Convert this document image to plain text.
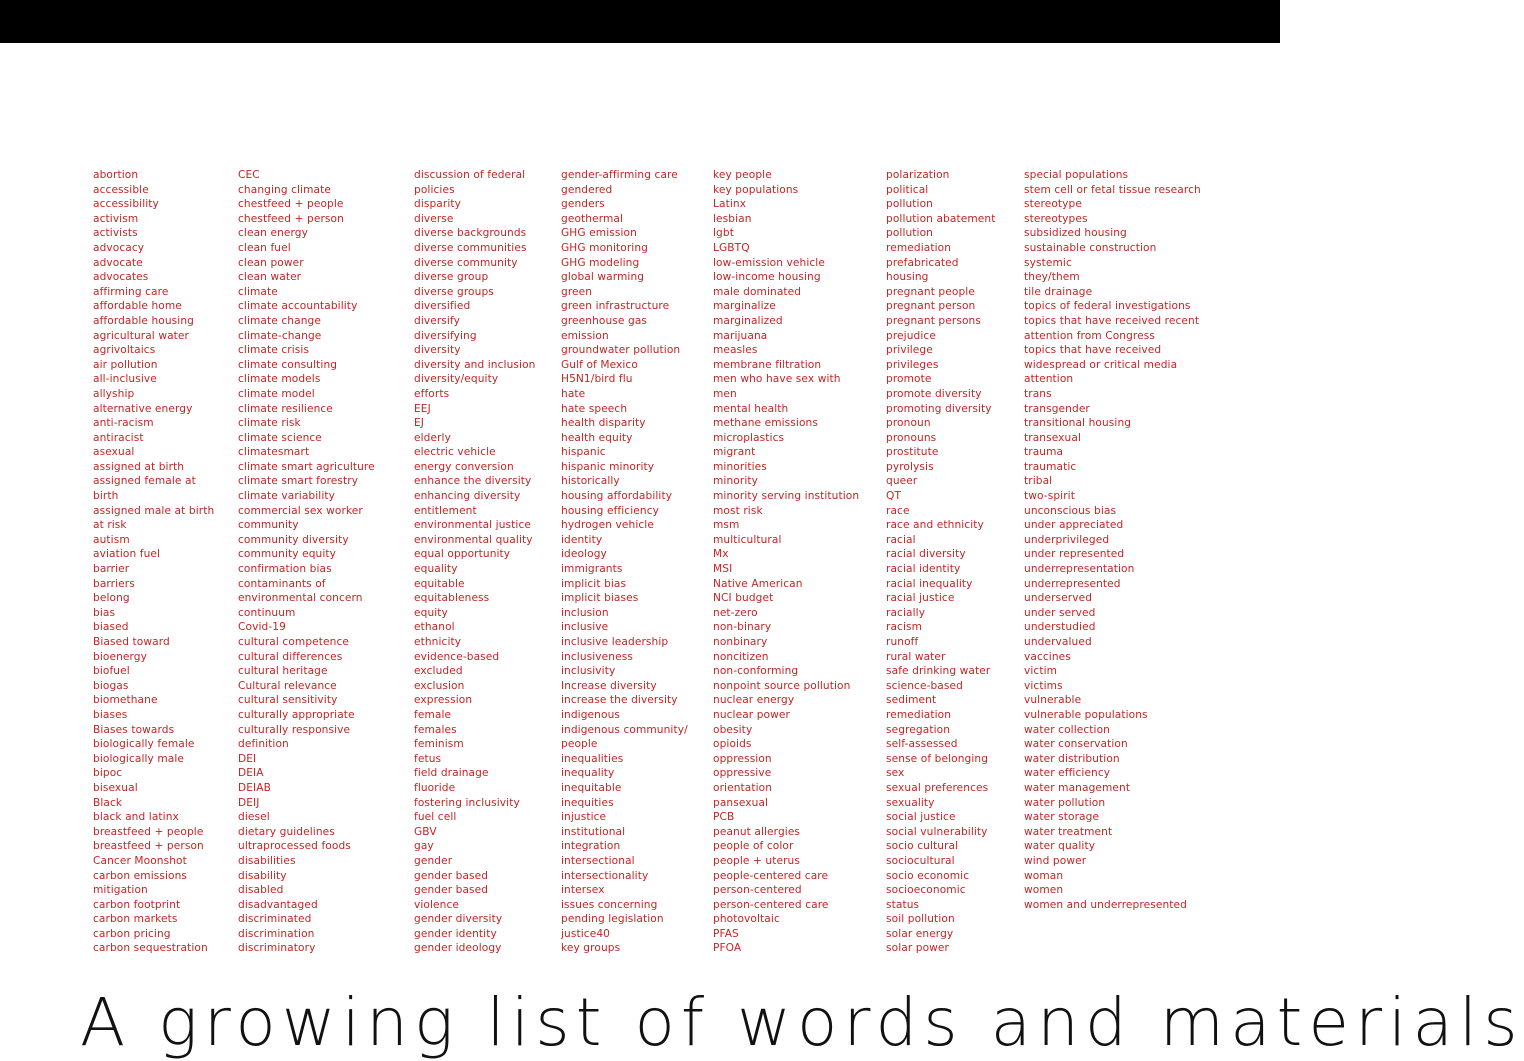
abortion
accessible
accessibility
activism
activists
advocacy
advocate
advocates
affirming care
affordable home
affordable housing
agricultural water
agrivoltaics
air pollution
all-inclusive
allyship
alternative energy
anti-racism
antiracist
asexual
assigned at birth
assigned female at
birth
assigned male at birth
at risk
autism
aviation fuel
barrier
barriers
belong
bias
biased
Biased toward
bioenergy
biofuel
biogas
biomethane
biases
Biases towards
biologically female
biologically male
bipoc
bisexual
Black
black and latinx
breastfeed + people
breastfeed + person
Cancer Moonshot
carbon emissions
mitigation
carbon footprint
carbon markets
carbon pricing
carbon sequestration
CEC
changing climate
chestfeed + people
chestfeed + person
clean energy
clean fuel
clean power
clean water
climate
climate accountability
climate change
climate-change
climate crisis
climate consulting
climate models
climate model
climate resilience
climate risk
climate science
climatesmart
climate smart agriculture
climate smart forestry
climate variability
commercial sex worker
community
community diversity
community equity
confirmation bias
contaminants of
environmental concern
continuum
Covid-19
cultural competence
cultural differences
cultural heritage
Cultural relevance
cultural sensitivity
culturally appropriate
culturally responsive
definition
DEI
DEIA
DEIAB
DEIJ
diesel
dietary guidelines
ultraprocessed foods
disabilities
disability
disabled
disadvantaged
discriminated
discrimination
discriminatory
discussion of federal
policies
disparity
diverse
diverse backgrounds
diverse communities
diverse community
diverse group
diverse groups
diversified
diversify
diversifying
diversity
diversity and inclusion
diversity/equity
efforts
EEJ
EJ
elderly
electric vehicle
energy conversion
enhance the diversity
enhancing diversity
entitlement
environmental justice
environmental quality
equal opportunity
equality
equitable
equitableness
equity
ethanol
ethnicity
evidence-based
excluded
exclusion
expression
female
females
feminism
fetus
field drainage
fluoride
fostering inclusivity
fuel cell
GBV
gay
gender
gender based
gender based
violence
gender diversity
gender identity
gender ideology
gender-affirming care
gendered
genders
geothermal
GHG emission
GHG monitoring
GHG modeling
global warming
green
green infrastructure
greenhouse gas
emission
groundwater pollution
Gulf of Mexico
H5N1/bird flu
hate
hate speech
health disparity
health equity
hispanic
hispanic minority
historically
housing affordability
housing efficiency
hydrogen vehicle
identity
ideology
immigrants
implicit bias
implicit biases
inclusion
inclusive
inclusive leadership
inclusiveness
inclusivity
Increase diversity
increase the diversity
indigenous
indigenous community/
people
inequalities
inequality
inequitable
inequities
injustice
institutional
integration
intersectional
intersectionality
intersex
issues concerning
pending legislation
justice40
key groups
key people
key populations
Latinx
lesbian
lgbt
LGBTQ
low-emission vehicle
low-income housing
male dominated
marginalize
marginalized
marijuana
measles
membrane filtration
men who have sex with
men
mental health
methane emissions
microplastics
migrant
minorities
minority
minority serving institution
most risk
msm
multicultural
Mx
MSI
Native American
NCI budget
net-zero
non-binary
nonbinary
noncitizen
non-conforming
nonpoint source pollution
nuclear energy
nuclear power
obesity
opioids
oppression
oppressive
orientation
pansexual
PCB
peanut allergies
people of color
people + uterus
people-centered care
person-centered
person-centered care
photovoltaic
PFAS
PFOA
polarization
political
pollution
pollution abatement
pollution
remediation
prefabricated
housing
pregnant people
pregnant person
pregnant persons
prejudice
privilege
privileges
promote
promote diversity
promoting diversity
pronoun
pronouns
prostitute
pyrolysis
queer
QT
race
race and ethnicity
racial
racial diversity
racial identity
racial inequality
racial justice
racially
racism
runoff
rural water
safe drinking water
science-based
sediment
remediation
segregation
self-assessed
sense of belonging
sex
sexual preferences
sexuality
social justice
social vulnerability
socio cultural
sociocultural
socio economic
socioeconomic
status
soil pollution
solar energy
solar power
special populations
stem cell or fetal tissue research
stereotype
stereotypes
subsidized housing
sustainable construction
systemic
they/them
tile drainage
topics of federal investigations
topics that have received recent
attention from Congress
topics that have received
widespread or critical media
attention
trans
transgender
transitional housing
transexual
trauma
traumatic
tribal
two-spirit
unconscious bias
under appreciated
underprivileged
under represented
underrepresentation
underrepresented
underserved
under served
understudied
undervalued
vaccines
victim
victims
vulnerable
vulnerable populations
water collection
water conservation
water distribution
water efficiency
water management
water pollution
water storage
water treatment
water quality
wind power
woman
women
women and underrepresented
A growing list of words and materials
